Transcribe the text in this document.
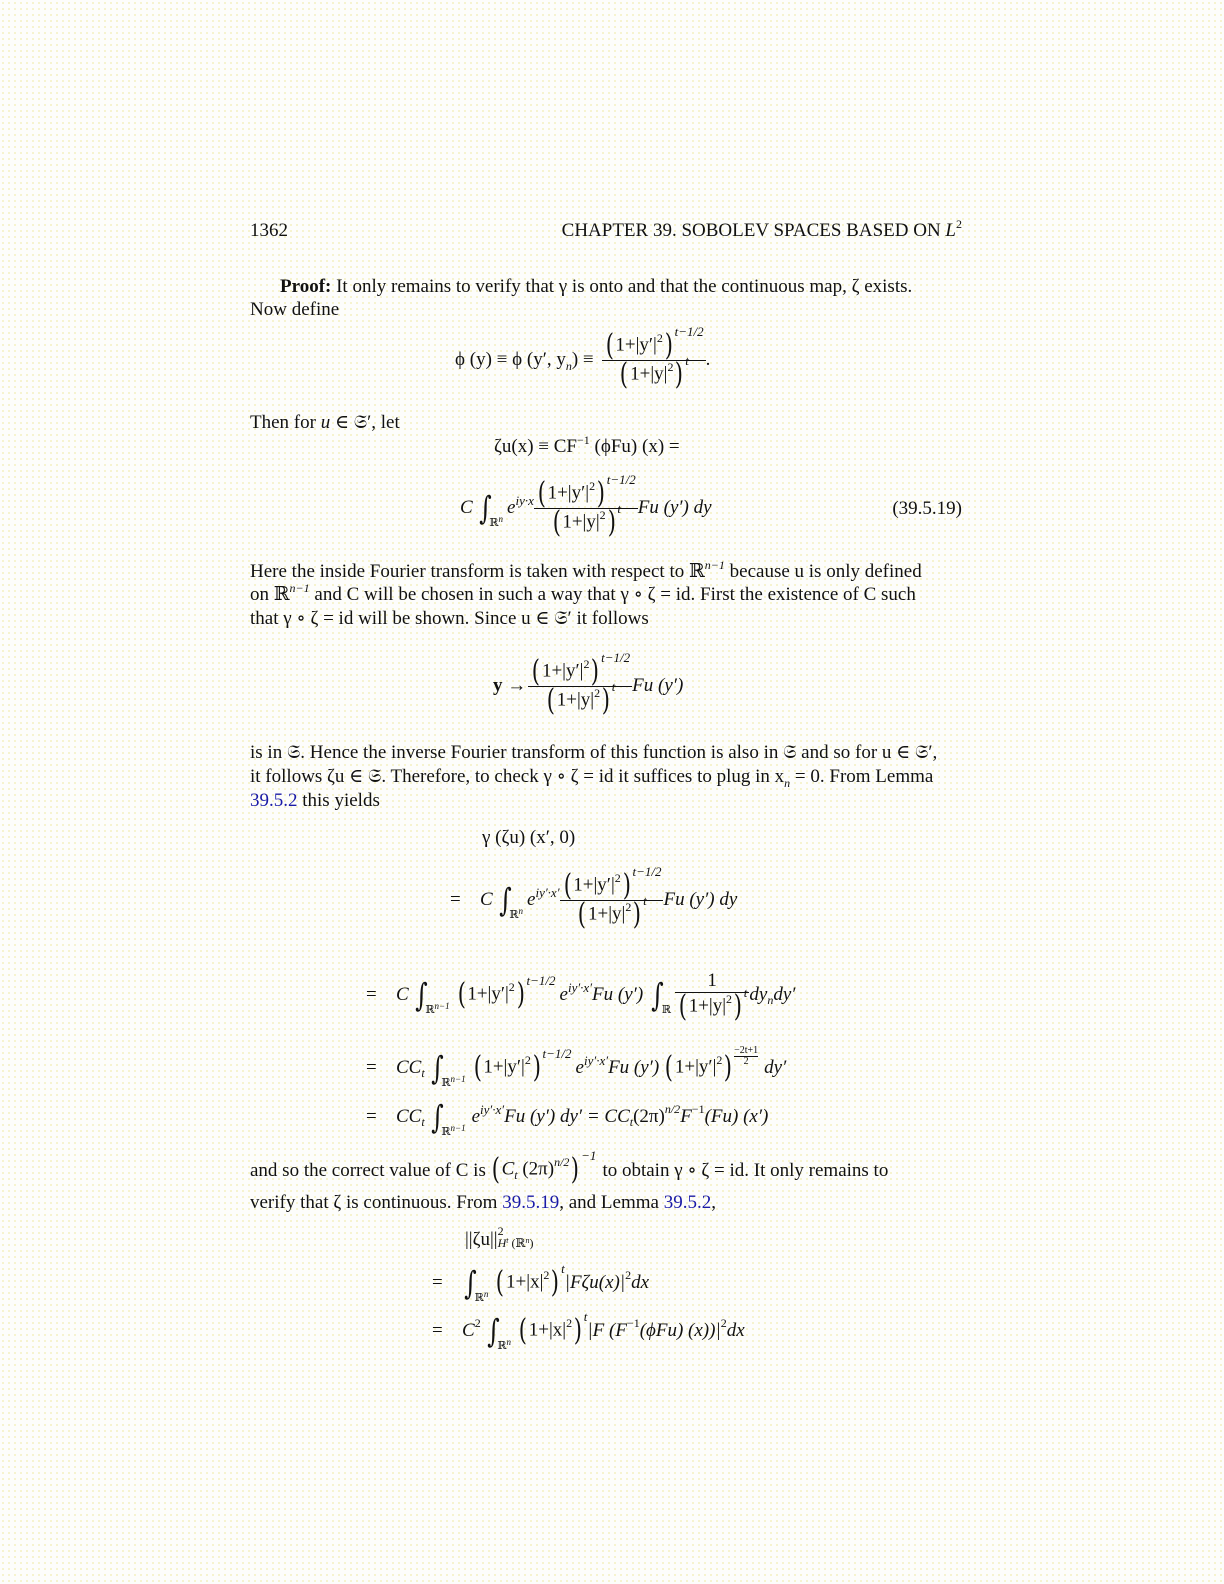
1362	CHAPTER 39. SOBOLEV SPACES BASED ON $L^2$
Proof: It only remains to verify that γ is onto and that the continuous map, ζ exists.
Now define
ϕ (y) ≡ ϕ (y′, $y_n) \equiv \frac{(1+|y'|^2) ^{t-1/2}}{(1+|y|^2) ^t}$ .
Then for u ∈ 𝔖′, let
$\zeta u(x) \equiv CF^{-1}$ (ϕFu) (x) =
C ∫
ℝ$^n$
$e^{iy\cdot x} \frac{(1+|y'|^2) ^{t-1/2}}{(1+|y|^2) ^t}$ Fu (y′) dy	(39.5.19)
Here the inside Fourier transform is taken with respect to ℝ$^{n-1}$ because u is only defined
on ℝ$^{n-1}$ and C will be chosen in such a way that γ ∘ ζ = id. First the existence of C such
that γ ∘ ζ = id will be shown. Since u ∈ 𝔖′ it follows
$y \to \frac{(1+|y'|^2) ^{t-1/2}}{(1+|y|^2) ^t}$ Fu (y′)
is in 𝔖. Hence the inverse Fourier transform of this function is also in 𝔖 and so for u ∈ 𝔖′,
it follows ζu ∈ 𝔖. Therefore, to check γ ∘ ζ = id it suffices to plug in $x_n = 0$. From Lemma
39.5.2 this yields
γ (ζu) (x′, 0)
=	C ∫
ℝ$^n$
$e^{iy'\cdot x'} \frac{(1+|y'|^2) ^{t-1/2}}{(1+|y|^2) ^t}$ Fu (y′) dy
=	C ∫
ℝ$^{n-1}$ $(1+|y'|^2)$ $^{t-1/2}$
$e^{iy'\cdot x'}$ Fu (y′) ∫
ℝ $\frac{1}{(1+|y|^2) ^t}$ dy n dy′
=	CC t ∫
ℝ$^{n-1}$ $(1+|y'|^2)$ $^{t-1/2}$
$e^{iy'\cdot x'}$ Fu (y′) $(1+|y'|^2) -2t+1$
2 dy′
=	CC t ∫
ℝ$^{n-1}$
$e^{iy'\cdot x'}$ Fu (y′) dy′ = CC t (2π) n/2 F −1 (Fu) (x′)
and so the correct value of C is ($C_t$ $(2\pi)^{n/2}$) $^{-1}$
to obtain γ ∘ ζ = id. It only remains to
verify that ζ is continuous. From 39.5.19, and Lemma 39.5.2,
||ζu|| 2
$H^t$ (ℝ$^n$)
= ∫
ℝ$^n$ $(1+|x|^2)$ $^t$
|Fζu(x)| 2 dx
=	C 2 ∫
ℝ$^n$ $(1+|x|^2)$ $^t$
|F (F −1 (ϕFu) (x))| 2 dx
